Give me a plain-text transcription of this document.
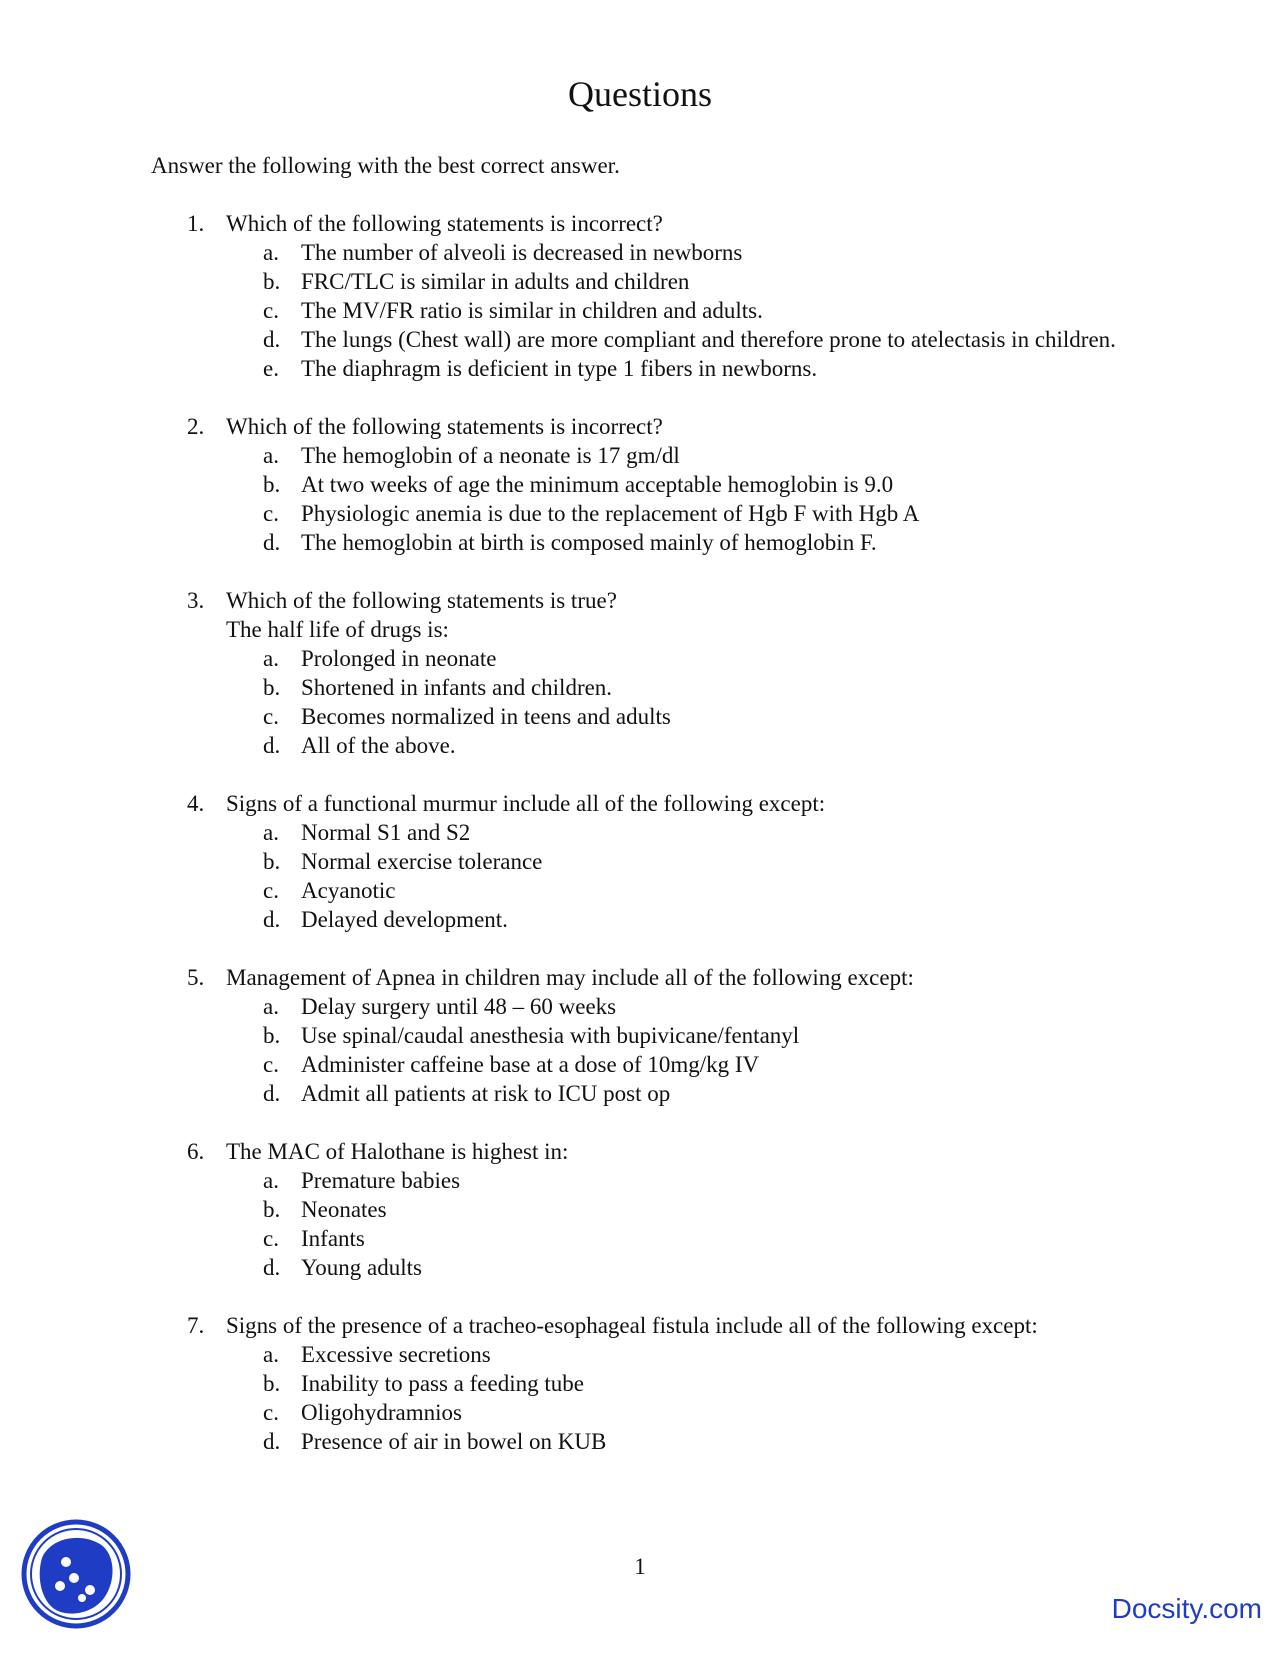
Questions
Answer the following with the best correct answer.
1. Which of the following statements is incorrect?
a. The number of alveoli is decreased in newborns
b. FRC/TLC is similar in adults and children
c. The MV/FR ratio is similar in children and adults.
d. The lungs (Chest wall) are more compliant and therefore prone to atelectasis in children.
e. The diaphragm is deficient in type 1 fibers in newborns.
2. Which of the following statements is incorrect?
a. The hemoglobin of a neonate is 17 gm/dl
b. At two weeks of age the minimum acceptable hemoglobin is 9.0
c. Physiologic anemia is due to the replacement of Hgb F with Hgb A
d. The hemoglobin at birth is composed mainly of hemoglobin F.
3. Which of the following statements is true?
The half life of drugs is:
a. Prolonged in neonate
b. Shortened in infants and children.
c. Becomes normalized in teens and adults
d. All of the above.
4. Signs of a functional murmur include all of the following except:
a. Normal S1 and S2
b. Normal exercise tolerance
c. Acyanotic
d. Delayed development.
5. Management of Apnea in children may include all of the following except:
a. Delay surgery until 48 – 60 weeks
b. Use spinal/caudal anesthesia with bupivicane/fentanyl
c. Administer caffeine base at a dose of 10mg/kg IV
d. Admit all patients at risk to ICU post op
6. The MAC of Halothane is highest in:
a. Premature babies
b. Neonates
c. Infants
d. Young adults
7. Signs of the presence of a tracheo-esophageal fistula include all of the following except:
a. Excessive secretions
b. Inability to pass a feeding tube
c. Oligohydramnios
d. Presence of air in bowel on KUB
1
Docsity.com
